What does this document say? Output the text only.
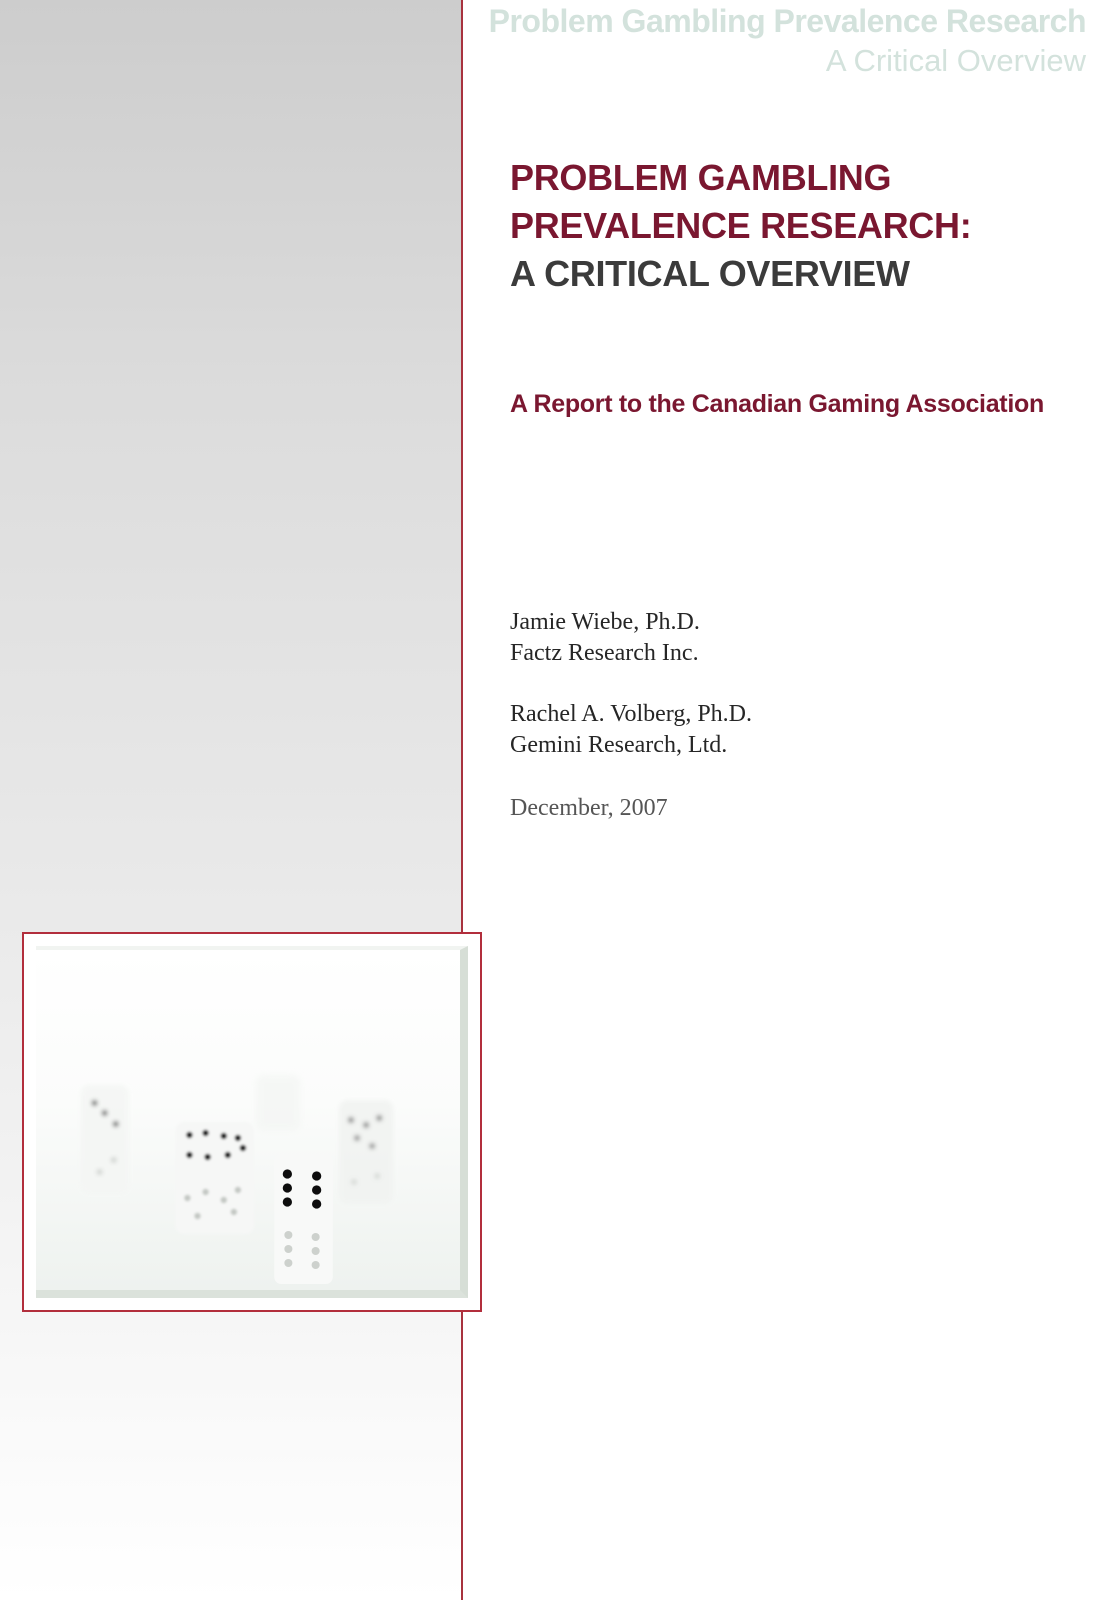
Problem Gambling Prevalence Research
A Critical Overview
PROBLEM GAMBLING
PREVALENCE RESEARCH:
A CRITICAL OVERVIEW
A Report to the Canadian Gaming Association
Jamie Wiebe, Ph.D.
Factz Research Inc.
Rachel A. Volberg, Ph.D.
Gemini Research, Ltd.
December, 2007
